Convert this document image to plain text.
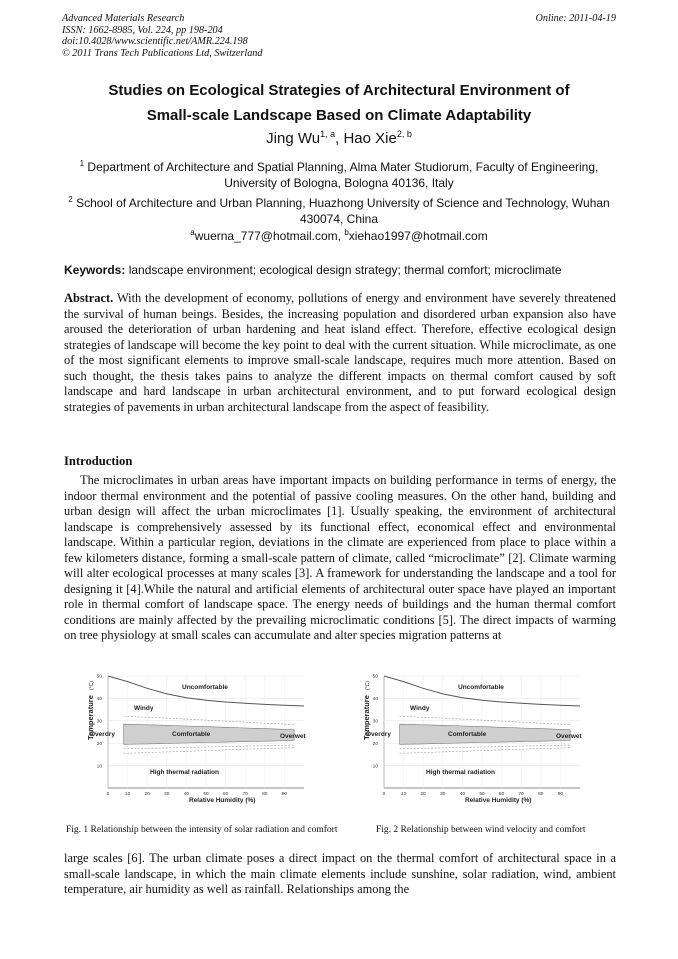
Advanced Materials Research
ISSN: 1662-8985, Vol. 224, pp 198-204
doi:10.4028/www.scientific.net/AMR.224.198
© 2011 Trans Tech Publications Ltd, Switzerland
Online: 2011-04-19
Studies on Ecological Strategies of Architectural Environment of
Small-scale Landscape Based on Climate Adaptability
Jing Wu$^{1, a}$, Hao Xie$^{2, b}$
$^1$ Department of Architecture and Spatial Planning, Alma Mater Studiorum, Faculty of Engineering, University of Bologna, Bologna 40136, Italy
$^2$ School of Architecture and Urban Planning, Huazhong University of Science and Technology, Wuhan 430074, China
$^a$wuerna_777@hotmail.com, $^b$xiehao1997@hotmail.com
Keywords: landscape environment; ecological design strategy; thermal comfort; microclimate
Abstract. With the development of economy, pollutions of energy and environment have severely threatened the survival of human beings. Besides, the increasing population and disordered urban expansion also have aroused the deterioration of urban hardening and heat island effect. Therefore, effective ecological design strategies of landscape will become the key point to deal with the current situation. While microclimate, as one of the most significant elements to improve small-scale landscape, requires much more attention. Based on such thought, the thesis takes pains to analyze the different impacts on thermal comfort caused by soft landscape and hard landscape in urban architectural environment, and to put forward ecological design strategies of pavements in urban architectural landscape from the aspect of feasibility.
Introduction
The microclimates in urban areas have important impacts on building performance in terms of energy, the indoor thermal environment and the potential of passive cooling measures. On the other hand, building and urban design will affect the urban microclimates [1]. Usually speaking, the environment of architectural landscape is comprehensively assessed by its functional effect, economical effect and environmental landscape. Within a particular region, deviations in the climate are experienced from place to place within a few kilometers distance, forming a small-scale pattern of climate, called “microclimate” [2]. Climate warming will alter ecological processes at many scales [3]. A framework for understanding the landscape and a tool for designing it [4].While the natural and artificial elements of architectural outer space have played an important role in thermal comfort of landscape space. The energy needs of buildings and the human thermal comfort conditions are mainly affected by the prevailing microclimatic conditions [5]. The direct impacts of warming on tree physiology at small scales can accumulate and alter species migration patterns at
0	10	20	30	40	50	60	70	80	90
10
20
30
40
50
Uncomfortable
Windy
Overdry	Comfortable	Overwet
High thermal radiation
Relative Humidity (%)
Temperature
(°C)
0	10	20	30	40	50	60	70	80	90
10
20
30
40
50
Uncomfortable
Windy
Overdry	Comfortable	Overwet
High thermal radiation
Relative Humidity (%)
Temperature
(°C)
Fig. 1 Relationship between the intensity of solar radiation and comfort	Fig. 2 Relationship between wind velocity and comfort
large scales [6]. The urban climate poses a direct impact on the thermal comfort of architectural space in a small-scale landscape, in which the main climate elements include sunshine, solar radiation, wind, ambient temperature, air humidity as well as rainfall. Relationships among the
